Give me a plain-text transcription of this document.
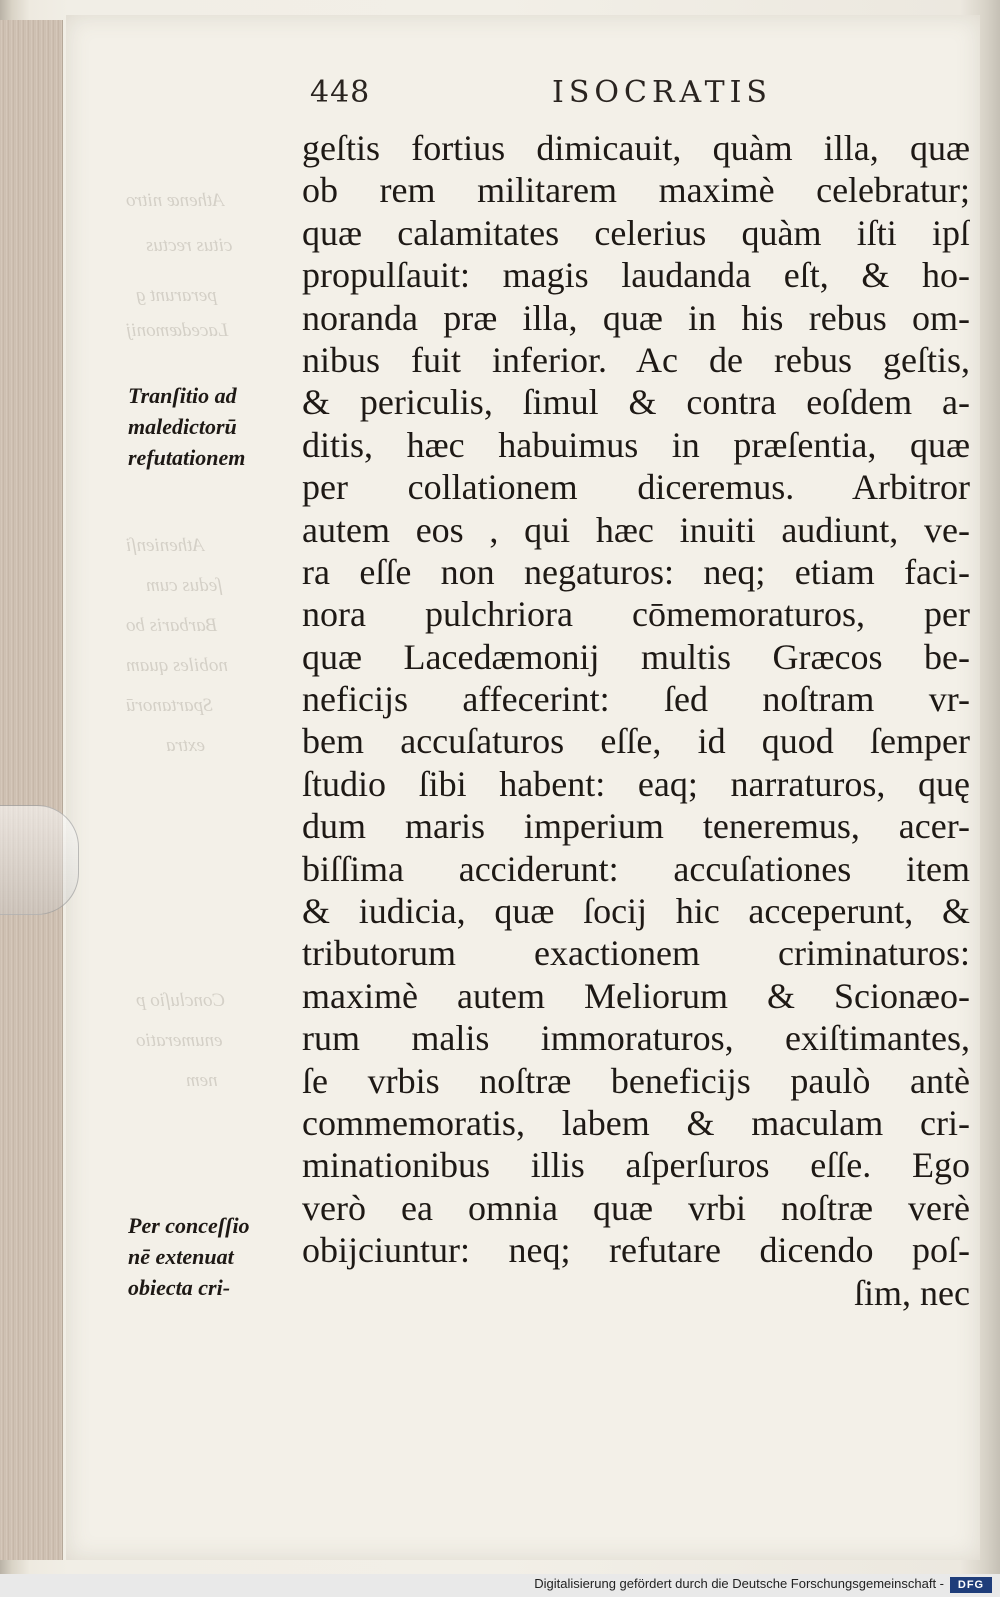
Athenæ nitro
citus rectus
perarunt g
Lacedæmonij
Athenienſi
ſedus cum
Barbaris bo
nobiles quam
Spartanorū
extra
Concluſio p
enumeratio
nem
448	ISOCRATIS
Tranſitio ad
maledictorū
refutationem
Per conceſſio
nē extenuat
obiecta cri-
geſtis fortius dimicauit, quàm illa, quæ
ob rem militarem maximè celebratur;
quæ calamitates celerius quàm iſti ipſ
propulſauit: magis laudanda eſt, & ho-
noranda præ illa, quæ in his rebus om-
nibus fuit inferior. Ac de rebus geſtis,
& periculis, ſimul & contra eoſdem a-
ditis, hæc habuimus in præſentia, quæ
per collationem diceremus. Arbitror
autem eos , qui hæc inuiti audiunt, ve-
ra eſſe non negaturos: neq; etiam faci-
nora pulchriora cōmemoraturos, per
quæ Lacedæmonij multis Græcos be-
neficijs affecerint: ſed noſtram vr-
bem accuſaturos eſſe, id quod ſemper
ſtudio ſibi habent: eaq; narraturos, quę
dum maris imperium teneremus, acer-
biſſima acciderunt: accuſationes item
& iudicia, quæ ſocij hic acceperunt, &
tributorum exactionem criminaturos:
maximè autem Meliorum & Scionæo-
rum malis immoraturos, exiſtimantes,
ſe vrbis noſtræ beneficijs paulò antè
commemoratis, labem & maculam cri-
minationibus illis aſperſuros eſſe. Ego
verò ea omnia quæ vrbi noſtræ verè
obijciuntur: neq; refutare dicendo poſ-
ſim, nec
Digitalisierung gefördert durch die Deutsche Forschungsgemeinschaft -	DFG
